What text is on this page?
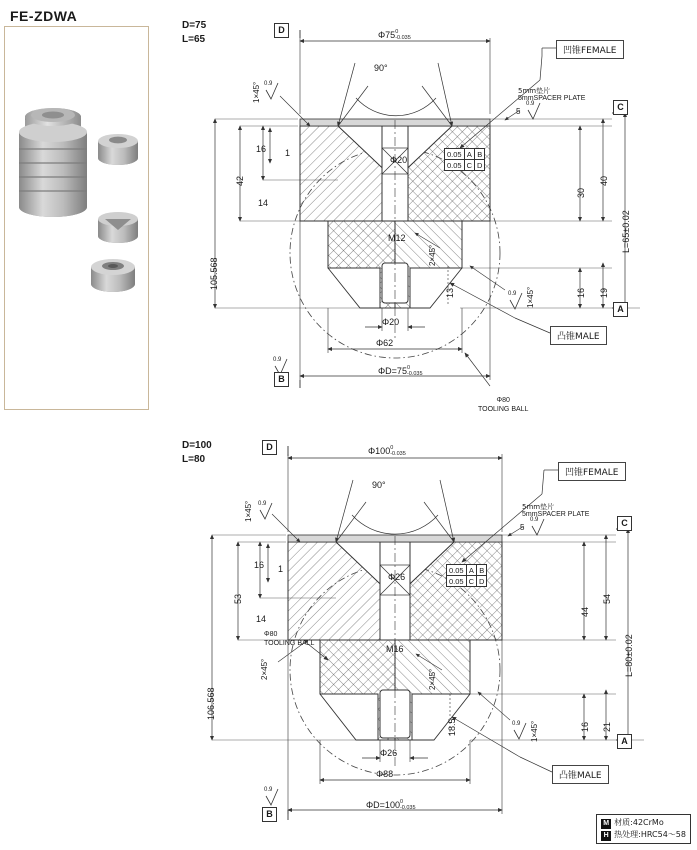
FE-ZDWA
D=75
L=65	Φ75 0
-0.035
90°
ΦD=75 0
-0.035
Φ62
Φ20
Φ20
M12
105.568
42
16
14
1
30
40
L=65±0.02
16 19
13
1×45°
1×45°
2×45°
5
5mm垫片
5mmSPACER PLATE
Φ80
TOOLING BALL
凹锥FEMALE
凸锥MALE
0.05	A	B
0.05	C	D
D
B
C
A
0.9
0.9
0.9
0.9
D=100
L=80
Φ100 0
-0.035
90°
ΦD=100 0
-0.035
Φ88
Φ26
Φ26
M16
106.568
53
16
14
1
44
54
L=80±0.02
16 21
18.5
1×45°
1×45°
2×45°	2×45°
5
5mm垫片
5mmSPACER PLATE
Φ80
TOOLING BALL
凹锥FEMALE
凸锥MALE
0.05	A	B
0.05	C	D
D
B
C
A
0.9
0.9
0.9
0.9
M 材质:42CrMo
H 热处理:HRC54～58
